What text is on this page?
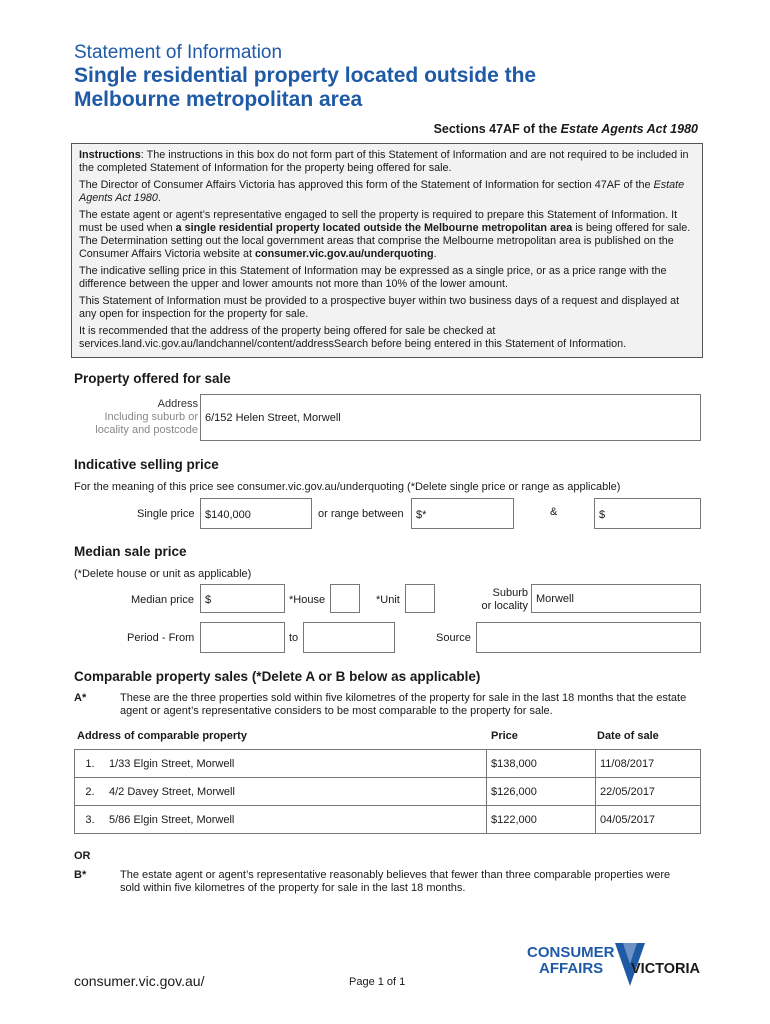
Statement of Information
Single residential property located outside the
Melbourne metropolitan area
Sections 47AF of the Estate Agents Act 1980

Instructions: The instructions in this box do not form part of this Statement of Information and are not required to be included in the completed Statement of Information for the property being offered for sale.

The Director of Consumer Affairs Victoria has approved this form of the Statement of Information for section 47AF of the Estate Agents Act 1980.

The estate agent or agent’s representative engaged to sell the property is required to prepare this Statement of Information. It must be used when a single residential property located outside the Melbourne metropolitan area is being offered for sale. The Determination setting out the local government areas that comprise the Melbourne metropolitan area is published on the Consumer Affairs Victoria website at consumer.vic.gov.au/underquoting.

The indicative selling price in this Statement of Information may be expressed as a single price, or as a price range with the difference between the upper and lower amounts not more than 10% of the lower amount.

This Statement of Information must be provided to a prospective buyer within two business days of a request and displayed at any open for inspection for the property for sale.

It is recommended that the address of the property being offered for sale be checked at services.land.vic.gov.au/landchannel/content/addressSearch before being entered in this Statement of Information.

Property offered for sale
Address
Including suburb or
locality and postcode
6/152 Helen Street, Morwell
Indicative selling price
For the meaning of this price see consumer.vic.gov.au/underquoting (*Delete single price or range as applicable)
Single price $140,000	or range between	$*	&	$
Median sale price
(*Delete house or unit as applicable)
Median price	$	*House	*Unit
Suburb
or locality
Morwell
Period - From	to	Source
Comparable property sales (*Delete A or B below as applicable)
A*	These are the three properties sold within five kilometres of the property for sale in the last 18 months that the estate agent or agent’s representative considers to be most comparable to the property for sale.
Address of comparable property	Price	Date of sale
1.	1/33 Elgin Street, Morwell	$138,000	11/08/2017
2.	4/2 Davey Street, Morwell	$126,000	22/05/2017
3.	5/86 Elgin Street, Morwell	$122,000	04/05/2017
OR
B*	The estate agent or agent’s representative reasonably believes that fewer than three comparable properties were sold within five kilometres of the property for sale in the last 18 months.
consumer.vic.gov.au/	Page 1 of 1
CONSUMER
AFFAIRS VICTORIA
